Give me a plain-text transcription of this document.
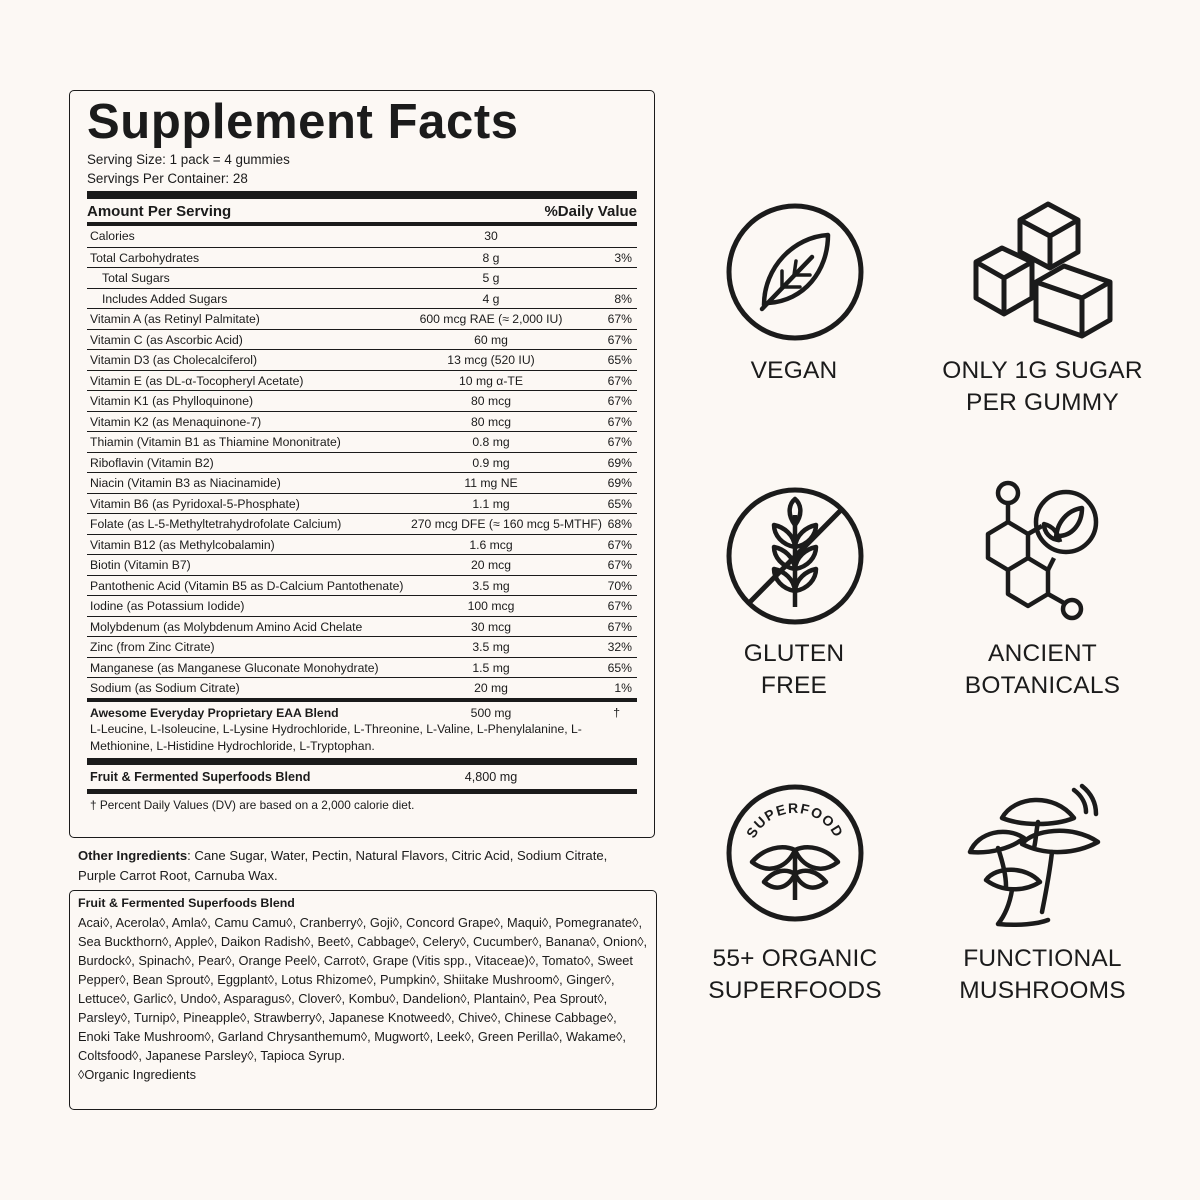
Supplement Facts
Serving Size: 1 pack = 4 gummies
Servings Per Container: 28
Amount Per Serving	%Daily Value
Calories	30
Total Carbohydrates	8 g	3%
Total Sugars	5 g
Includes Added Sugars	4 g	8%
Vitamin A (as Retinyl Palmitate)	600 mcg RAE (≈ 2,000 IU)	67%
Vitamin C (as Ascorbic Acid)	60 mg	67%
Vitamin D3 (as Cholecalciferol)	13 mcg (520 IU)	65%
Vitamin E (as DL-α-Tocopheryl Acetate)	10 mg α-TE	67%
Vitamin K1 (as Phylloquinone)	80 mcg	67%
Vitamin K2 (as Menaquinone-7)	80 mcg	67%
Thiamin (Vitamin B1 as Thiamine Mononitrate)	0.8 mg	67%
Riboflavin (Vitamin B2)	0.9 mg	69%
Niacin (Vitamin B3 as Niacinamide)	11 mg NE	69%
Vitamin B6 (as Pyridoxal-5-Phosphate)	1.1 mg	65%
Folate (as L-5-Methyltetrahydrofolate Calcium)	270 mcg DFE (≈ 160 mcg 5-MTHF) 68%
Vitamin B12 (as Methylcobalamin)	1.6 mcg	67%
Biotin (Vitamin B7)	20 mcg	67%
Pantothenic Acid (Vitamin B5 as D-Calcium Pantothenate)	3.5 mg	70%
Iodine (as Potassium Iodide)	100 mcg	67%
Molybdenum (as Molybdenum Amino Acid Chelate	30 mcg	67%
Zinc (from Zinc Citrate)	3.5 mg	32%
Manganese (as Manganese Gluconate Monohydrate)	1.5 mg	65%
Sodium (as Sodium Citrate)	20 mg	1%
Awesome Everyday Proprietary EAA Blend	500 mg	†
L-Leucine, L-Isoleucine, L-Lysine Hydrochloride, L-Threonine, L-Valine, L-Phenylalanine, L-Methionine, L-Histidine Hydrochloride, L-Tryptophan.
Fruit & Fermented Superfoods Blend	4,800 mg
† Percent Daily Values (DV) are based on a 2,000 calorie diet.
Other Ingredients: Cane Sugar, Water, Pectin, Natural Flavors, Citric Acid, Sodium Citrate, Purple Carrot Root, Carnuba Wax.
Fruit & Fermented Superfoods Blend
Acai◊, Acerola◊, Amla◊, Camu Camu◊, Cranberry◊, Goji◊, Concord Grape◊, Maqui◊, Pomegranate◊, Sea Buckthorn◊, Apple◊, Daikon Radish◊, Beet◊, Cabbage◊, Celery◊, Cucumber◊, Banana◊, Onion◊, Burdock◊, Spinach◊, Pear◊, Orange Peel◊, Carrot◊, Grape (Vitis spp., Vitaceae)◊, Tomato◊, Sweet Pepper◊, Bean Sprout◊, Eggplant◊, Lotus Rhizome◊, Pumpkin◊, Shiitake Mushroom◊, Ginger◊, Lettuce◊, Garlic◊, Undo◊, Asparagus◊, Clover◊, Kombu◊, Dandelion◊, Plantain◊, Pea Sprout◊, Parsley◊, Turnip◊, Pineapple◊, Strawberry◊, Japanese Knotweed◊, Chive◊, Chinese Cabbage◊, Enoki Take Mushroom◊, Garland Chrysanthemum◊, Mugwort◊, Leek◊, Green Perilla◊, Wakame◊, Coltsfood◊, Japanese Parsley◊, Tapioca Syrup.
◊Organic Ingredients
VEGAN	ONLY 1G SUGAR
PER GUMMY
GLUTEN
FREE
ANCIENT
BOTANICALS
SUPERFOOD
55+ ORGANIC
SUPERFOODS
FUNCTIONAL
MUSHROOMS
